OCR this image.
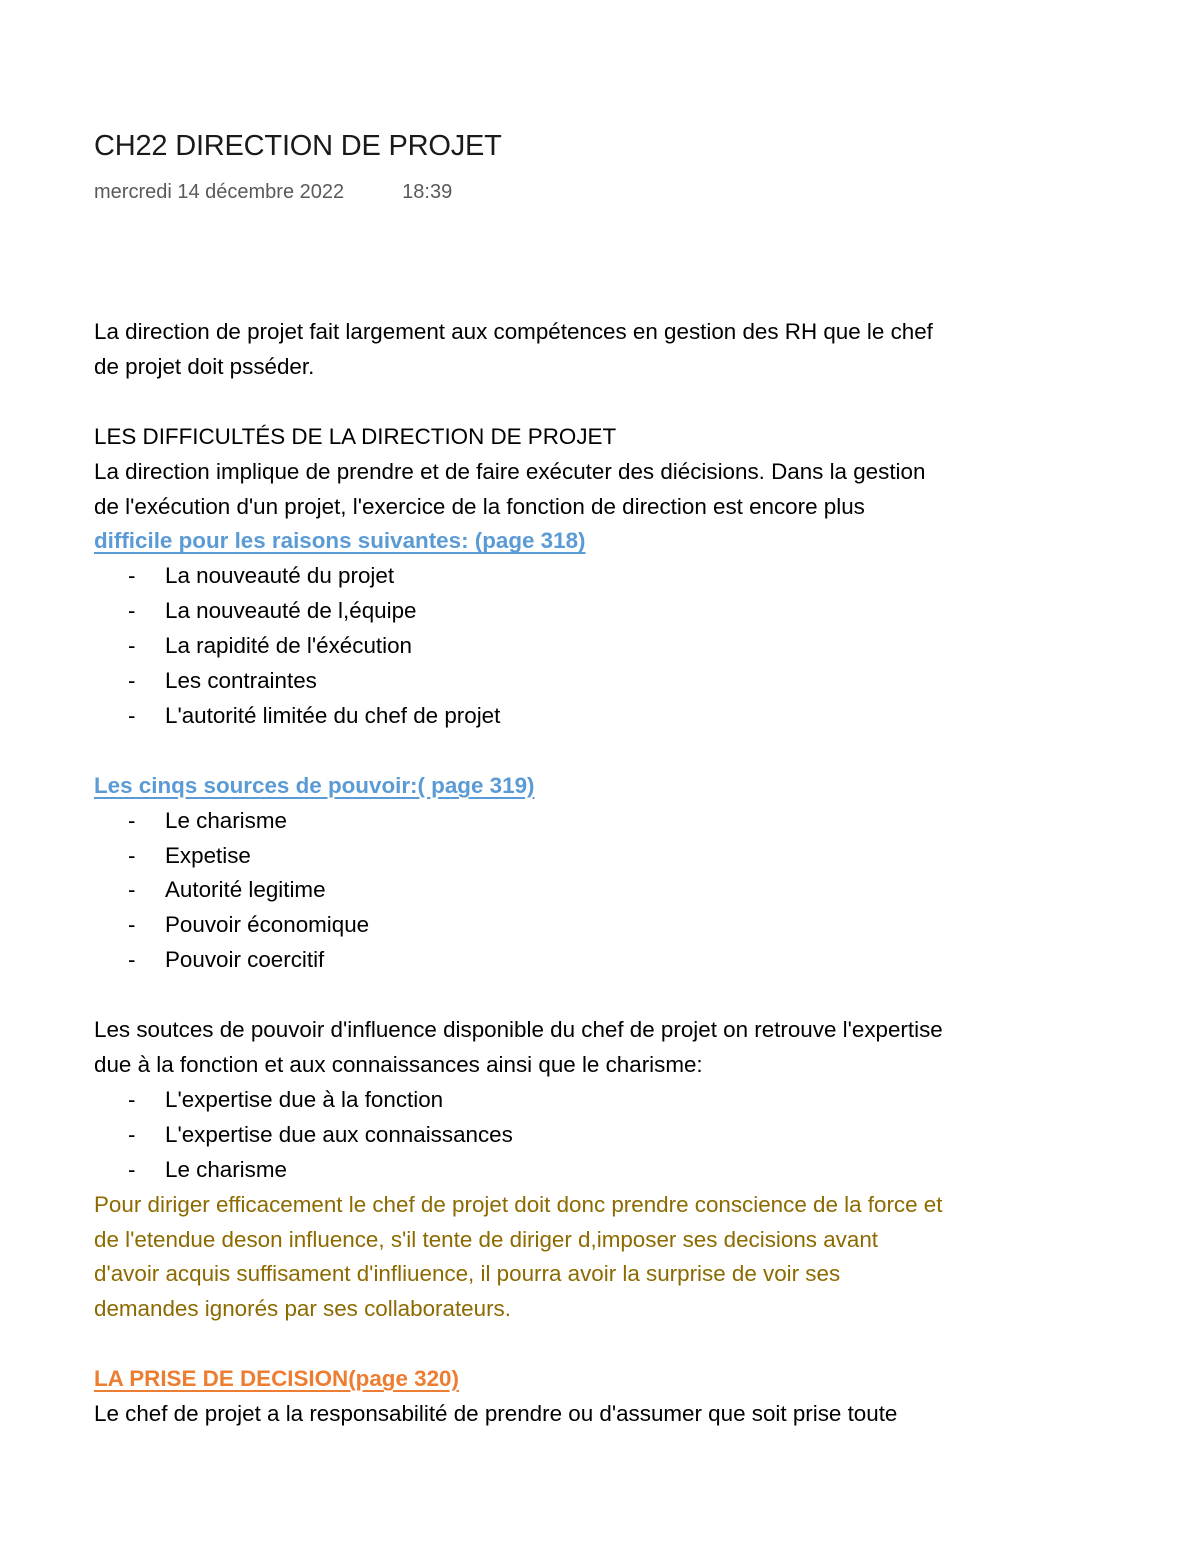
CH22 DIRECTION DE PROJET
mercredi 14 décembre 2022	18:39

La direction de projet fait largement aux compétences en gestion des RH que le chef

de projet doit psséder.

LES DIFFICULTÉS DE LA DIRECTION DE PROJET

La direction implique de prendre et de faire exécuter des diécisions. Dans la gestion

de l'exécution d'un projet, l'exercice de la fonction de direction est encore plus

difficile pour les raisons suivantes: (page 318)

- La nouveauté du projet
- La nouveauté de l,équipe
- La rapidité de l'éxécution
- Les contraintes
- L'autorité limitée du chef de projet

Les cinqs sources de pouvoir:( page 319)

- Le charisme
- Expetise
- Autorité legitime
- Pouvoir économique
- Pouvoir coercitif

Les soutces de pouvoir d'influence disponible du chef de projet on retrouve l'expertise

due à la fonction et aux connaissances ainsi que le charisme:

- L'expertise due à la fonction
- L'expertise due aux connaissances
- Le charisme

Pour diriger efficacement le chef de projet doit donc prendre conscience de la force et

de l'etendue deson influence, s'il tente de diriger d,imposer ses decisions avant

d'avoir acquis suffisament d'infliuence, il pourra avoir la surprise de voir ses

demandes ignorés par ses collaborateurs.

LA PRISE DE DECISION(page 320)

Le chef de projet a la responsabilité de prendre ou d'assumer que soit prise toute
